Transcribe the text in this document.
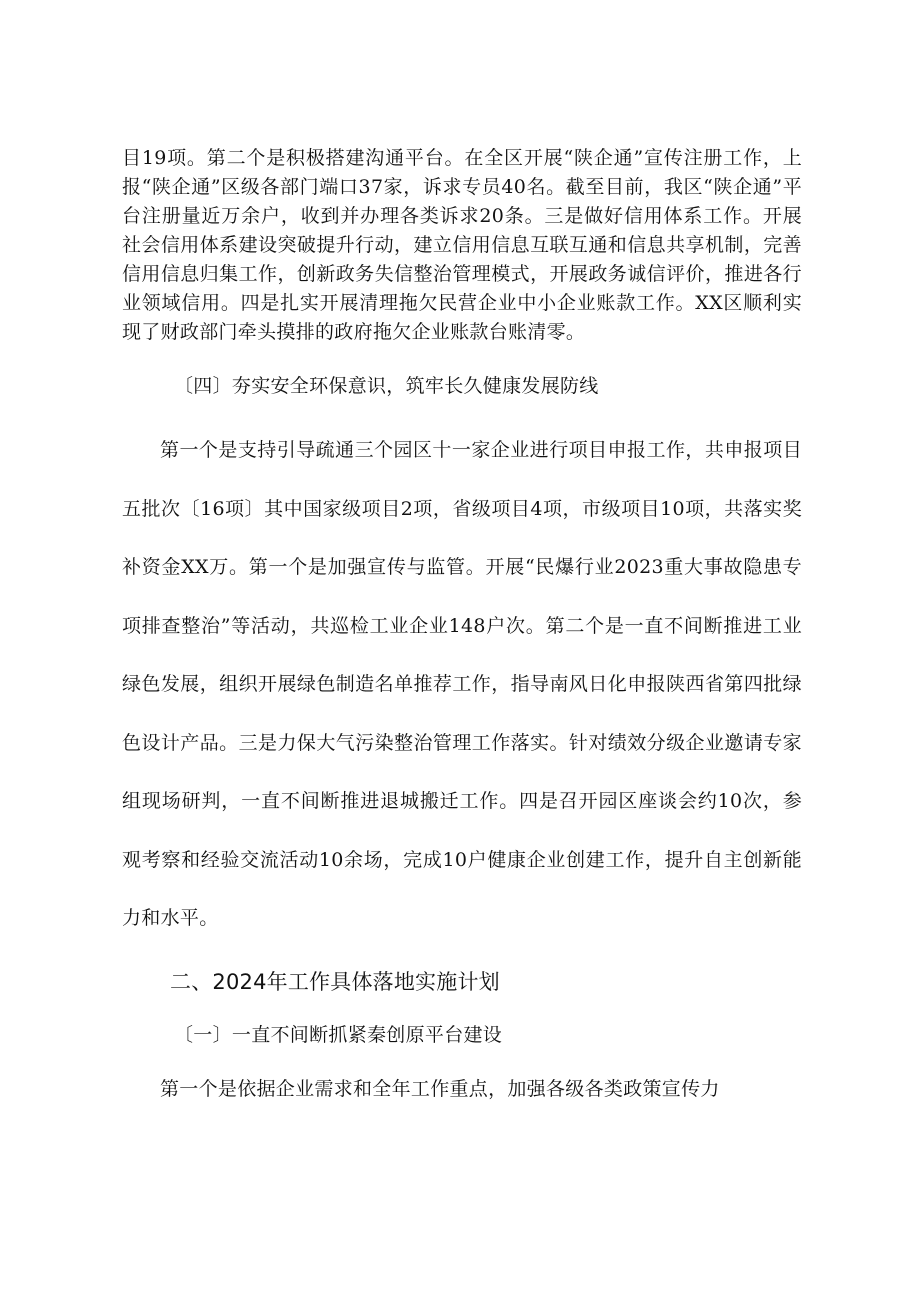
目19项。第二个是积极搭建沟通平台。在全区开展“陕企通”宣传注册工作，上报“陕企通”区级各部门端口37家，诉求专员40名。截至目前，我区“陕企通”平台注册量近万余户，收到并办理各类诉求20条。三是做好信用体系工作。开展社会信用体系建设突破提升行动，建立信用信息互联互通和信息共享机制，完善信用信息归集工作，创新政务失信整治管理模式，开展政务诚信评价，推进各行业领域信用。四是扎实开展清理拖欠民营企业中小企业账款工作。XX区顺利实现了财政部门牵头摸排的政府拖欠企业账款台账清零。

〔四〕夯实安全环保意识，筑牢长久健康发展防线

第一个是支持引导疏通三个园区十一家企业进行项目申报工作，共申报项目五批次〔16项〕其中国家级项目2项，省级项目4项，市级项目10项，共落实奖补资金XX万。第一个是加强宣传与监管。开展“民爆行业2023重大事故隐患专项排查整治”等活动，共巡检工业企业148户次。第二个是一直不间断推进工业绿色发展，组织开展绿色制造名单推荐工作，指导南风日化申报陕西省第四批绿色设计产品。三是力保大气污染整治管理工作落实。针对绩效分级企业邀请专家组现场研判，一直不间断推进退城搬迁工作。四是召开园区座谈会约10次，参观考察和经验交流活动10余场，完成10户健康企业创建工作，提升自主创新能力和水平。

二、2024年工作具体落地实施计划

〔一〕一直不间断抓紧秦创原平台建设

第一个是依据企业需求和全年工作重点，加强各级各类政策宣传力
